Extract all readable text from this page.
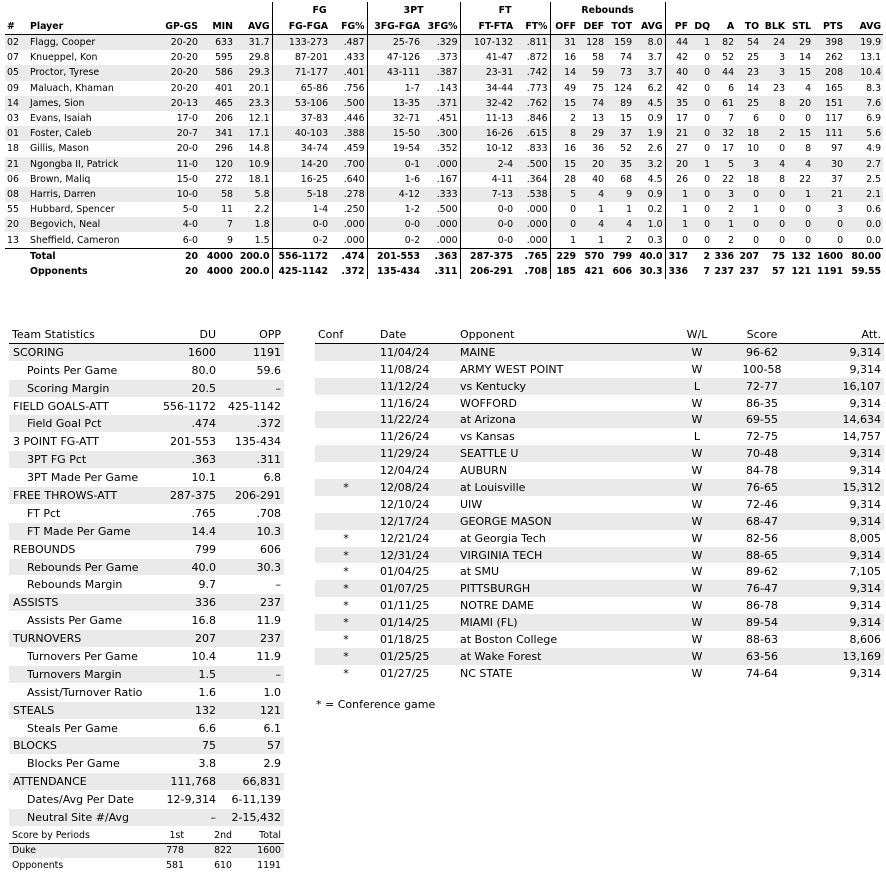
					FG		3PT		FT		Rebounds											
#	Player	GP-GS	MIN	AVG	FG-FGA	FG%	3FG-FGA	3FG%	FT-FTA	FT%	OFF	DEF	TOT	AVG	PF	DQ	A	TO	BLK	STL	PTS	AVG
02	Flagg, Cooper	20-20	633	31.7	133-273	.487	25-76	.329	107-132	.811	31	128	159	8.0	44	1	82	54	24	29	398	19.9
07	Knueppel, Kon	20-20	595	29.8	87-201	.433	47-126	.373	41-47	.872	16	58	74	3.7	42	0	52	25	3	14	262	13.1
05	Proctor, Tyrese	20-20	586	29.3	71-177	.401	43-111	.387	23-31	.742	14	59	73	3.7	40	0	44	23	3	15	208	10.4
09	Maluach, Khaman	20-20	401	20.1	65-86	.756	1-7	.143	34-44	.773	49	75	124	6.2	42	0	6	14	23	4	165	8.3
14	James, Sion	20-13	465	23.3	53-106	.500	13-35	.371	32-42	.762	15	74	89	4.5	35	0	61	25	8	20	151	7.6
03	Evans, Isaiah	17-0	206	12.1	37-83	.446	32-71	.451	11-13	.846	2	13	15	0.9	17	0	7	6	0	0	117	6.9
01	Foster, Caleb	20-7	341	17.1	40-103	.388	15-50	.300	16-26	.615	8	29	37	1.9	21	0	32	18	2	15	111	5.6
18	Gillis, Mason	20-0	296	14.8	34-74	.459	19-54	.352	10-12	.833	16	36	52	2.6	27	0	17	10	0	8	97	4.9
21	Ngongba II, Patrick	11-0	120	10.9	14-20	.700	0-1	.000	2-4	.500	15	20	35	3.2	20	1	5	3	4	4	30	2.7
06	Brown, Maliq	15-0	272	18.1	16-25	.640	1-6	.167	4-11	.364	28	40	68	4.5	26	0	22	18	8	22	37	2.5
08	Harris, Darren	10-0	58	5.8	5-18	.278	4-12	.333	7-13	.538	5	4	9	0.9	1	0	3	0	0	1	21	2.1
55	Hubbard, Spencer	5-0	11	2.2	1-4	.250	1-2	.500	0-0	.000	0	1	1	0.2	1	0	2	1	0	0	3	0.6
20	Begovich, Neal	4-0	7	1.8	0-0	.000	0-0	.000	0-0	.000	0	4	4	1.0	1	0	1	0	0	0	0	0.0
13	Sheffield, Cameron	6-0	9	1.5	0-2	.000	0-2	.000	0-0	.000	1	1	2	0.3	0	0	2	0	0	0	0	0.0
	Total	20	4000	200.0	556-1172	.474	201-553	.363	287-375	.765	229	570	799	40.0	317	2	336	207	75	132	1600	80.00
	Opponents	20	4000	200.0	425-1142	.372	135-434	.311	206-291	.708	185	421	606	30.3	336	7	237	237	57	121	1191	59.55
Team Statistics	DU	OPP
SCORING	1600	1191
Points Per Game	80.0	59.6
Scoring Margin	20.5	–
FIELD GOALS-ATT	556-1172	425-1142
Field Goal Pct	.474	.372
3 POINT FG-ATT	201-553	135-434
3PT FG Pct	.363	.311
3PT Made Per Game	10.1	6.8
FREE THROWS-ATT	287-375	206-291
FT Pct	.765	.708
FT Made Per Game	14.4	10.3
REBOUNDS	799	606
Rebounds Per Game	40.0	30.3
Rebounds Margin	9.7	–
ASSISTS	336	237
Assists Per Game	16.8	11.9
TURNOVERS	207	237
Turnovers Per Game	10.4	11.9
Turnovers Margin	1.5	–
Assist/Turnover Ratio	1.6	1.0
STEALS	132	121
Steals Per Game	6.6	6.1
BLOCKS	75	57
Blocks Per Game	3.8	2.9
ATTENDANCE	111,768	66,831
Dates/Avg Per Date	12-9,314	6-11,139
Neutral Site #/Avg	–	2-15,432
Conf	Date	Opponent	W/L	Score	Att.
	11/04/24	MAINE	W	96-62	9,314
	11/08/24	ARMY WEST POINT	W	100-58	9,314
	11/12/24	vs Kentucky	L	72-77	16,107
	11/16/24	WOFFORD	W	86-35	9,314
	11/22/24	at Arizona	W	69-55	14,634
	11/26/24	vs Kansas	L	72-75	14,757
	11/29/24	SEATTLE U	W	70-48	9,314
	12/04/24	AUBURN	W	84-78	9,314
*	12/08/24	at Louisville	W	76-65	15,312
	12/10/24	UIW	W	72-46	9,314
	12/17/24	GEORGE MASON	W	68-47	9,314
*	12/21/24	at Georgia Tech	W	82-56	8,005
*	12/31/24	VIRGINIA TECH	W	88-65	9,314
*	01/04/25	at SMU	W	89-62	7,105
*	01/07/25	PITTSBURGH	W	76-47	9,314
*	01/11/25	NOTRE DAME	W	86-78	9,314
*	01/14/25	MIAMI (FL)	W	89-54	9,314
*	01/18/25	at Boston College	W	88-63	8,606
*	01/25/25	at Wake Forest	W	63-56	13,169
*	01/27/25	NC STATE	W	74-64	9,314
* = Conference game
Score by Periods	1st	2nd	Total
Duke	778	822	1600
Opponents	581	610	1191
